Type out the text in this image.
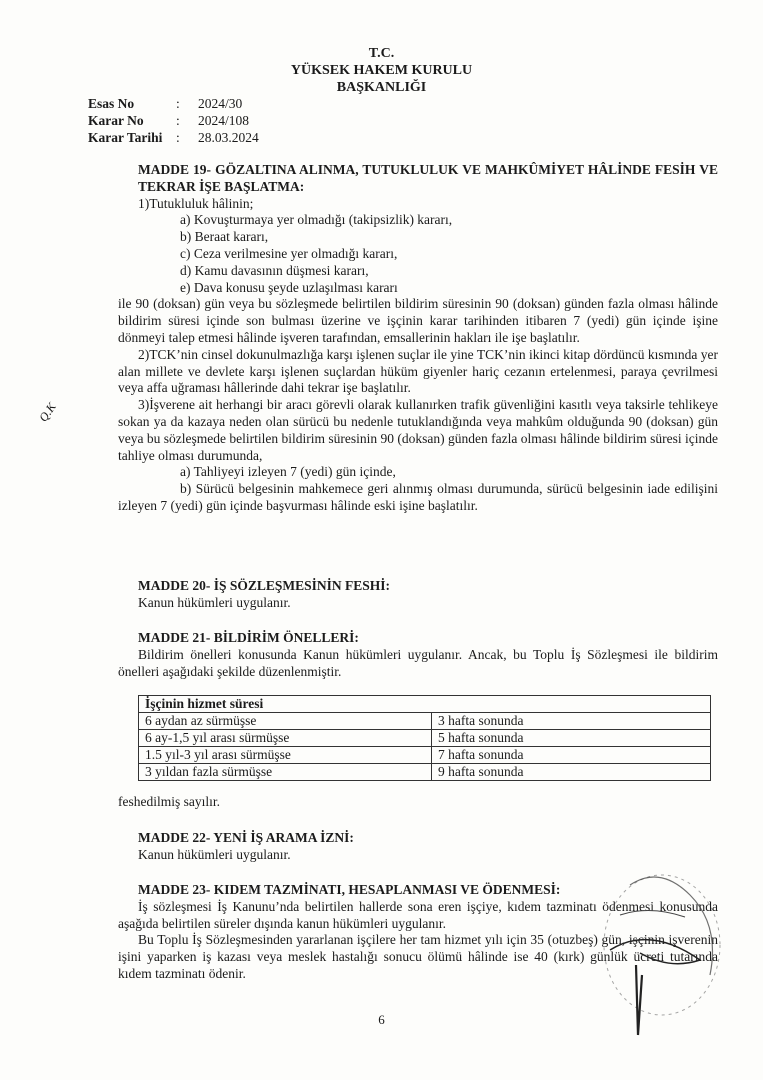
T.C.
YÜKSEK HAKEM KURULU
BAŞKANLIĞI
Esas No	:	2024/30
Karar No	:	2024/108
Karar Tarihi	:	28.03.2024
Q.K
MADDE 19- GÖZALTINA ALINMA, TUTUKLULUK VE MAHKÛMİYET HÂLİNDE FESİH VE TEKRAR İŞE BAŞLATMA:
1)Tutukluluk hâlinin;
a) Kovuşturmaya yer olmadığı (takipsizlik) kararı,
b) Beraat kararı,
c) Ceza verilmesine yer olmadığı kararı,
d) Kamu davasının düşmesi kararı,
e) Dava konusu şeyde uzlaşılması kararı
ile 90 (doksan) gün veya bu sözleşmede belirtilen bildirim süresinin 90 (doksan) günden fazla olması hâlinde bildirim süresi içinde son bulması üzerine ve işçinin karar tarihinden itibaren 7 (yedi) gün içinde işine dönmeyi talep etmesi hâlinde işveren tarafından, emsallerinin hakları ile işe başlatılır.
2)TCK’nin cinsel dokunulmazlığa karşı işlenen suçlar ile yine TCK’nin ikinci kitap dördüncü kısmında yer alan millete ve devlete karşı işlenen suçlardan hüküm giyenler hariç cezanın ertelenmesi, paraya çevrilmesi veya affa uğraması hâllerinde dahi tekrar işe başlatılır.
3)İşverene ait herhangi bir aracı görevli olarak kullanırken trafik güvenliğini kasıtlı veya taksirle tehlikeye sokan ya da kazaya neden olan sürücü bu nedenle tutuklandığında veya mahkûm olduğunda 90 (doksan) gün veya bu sözleşmede belirtilen bildirim süresinin 90 (doksan) günden fazla olması hâlinde bildirim süresi içinde tahliye olması durumunda,
a) Tahliyeyi izleyen 7 (yedi) gün içinde,
b) Sürücü belgesinin mahkemece geri alınmış olması durumunda, sürücü belgesinin iade edilişini izleyen 7 (yedi) gün içinde başvurması hâlinde eski işine başlatılır.
MADDE 20- İŞ SÖZLEŞMESİNİN FESHİ:
Kanun hükümleri uygulanır.
MADDE 21- BİLDİRİM ÖNELLERİ:
Bildirim önelleri konusunda Kanun hükümleri uygulanır. Ancak, bu Toplu İş Sözleşmesi ile bildirim önelleri aşağıdaki şekilde düzenlenmiştir.
İşçinin hizmet süresi	
6 aydan az sürmüşse	3 hafta sonunda
6 ay-1,5 yıl arası sürmüşse	5 hafta sonunda
1.5 yıl-3 yıl arası sürmüşse	7 hafta sonunda
3 yıldan fazla sürmüşse	9 hafta sonunda
feshedilmiş sayılır.
MADDE 22- YENİ İŞ ARAMA İZNİ:
Kanun hükümleri uygulanır.
MADDE 23- KIDEM TAZMİNATI, HESAPLANMASI VE ÖDENMESİ:
İş sözleşmesi İş Kanunu’nda belirtilen hallerde sona eren işçiye, kıdem tazminatı ödenmesi konusunda aşağıda belirtilen süreler dışında kanun hükümleri uygulanır.
Bu Toplu İş Sözleşmesinden yararlanan işçilere her tam hizmet yılı için 35 (otuzbeş) gün, işçinin işverenin işini yaparken iş kazası veya meslek hastalığı sonucu ölümü hâlinde ise 40 (kırk) günlük ücreti tutarında kıdem tazminatı ödenir.
6
